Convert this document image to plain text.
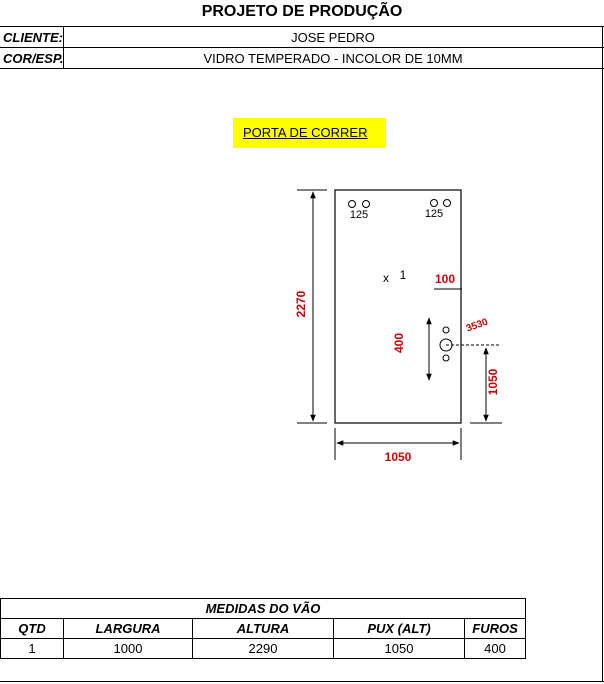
PROJETO DE PRODUÇÃO
CLIENTE:	JOSE PEDRO
COR/ESP.	VIDRO TEMPERADO - INCOLOR DE 10MM
PORTA DE CORRER
125	125
x 1 100
3530
400
1050
2270
1050
MEDIDAS DO VÃO				
QTD	LARGURA	ALTURA	PUX (ALT)	FUROS
1	1000	2290	1050	400
